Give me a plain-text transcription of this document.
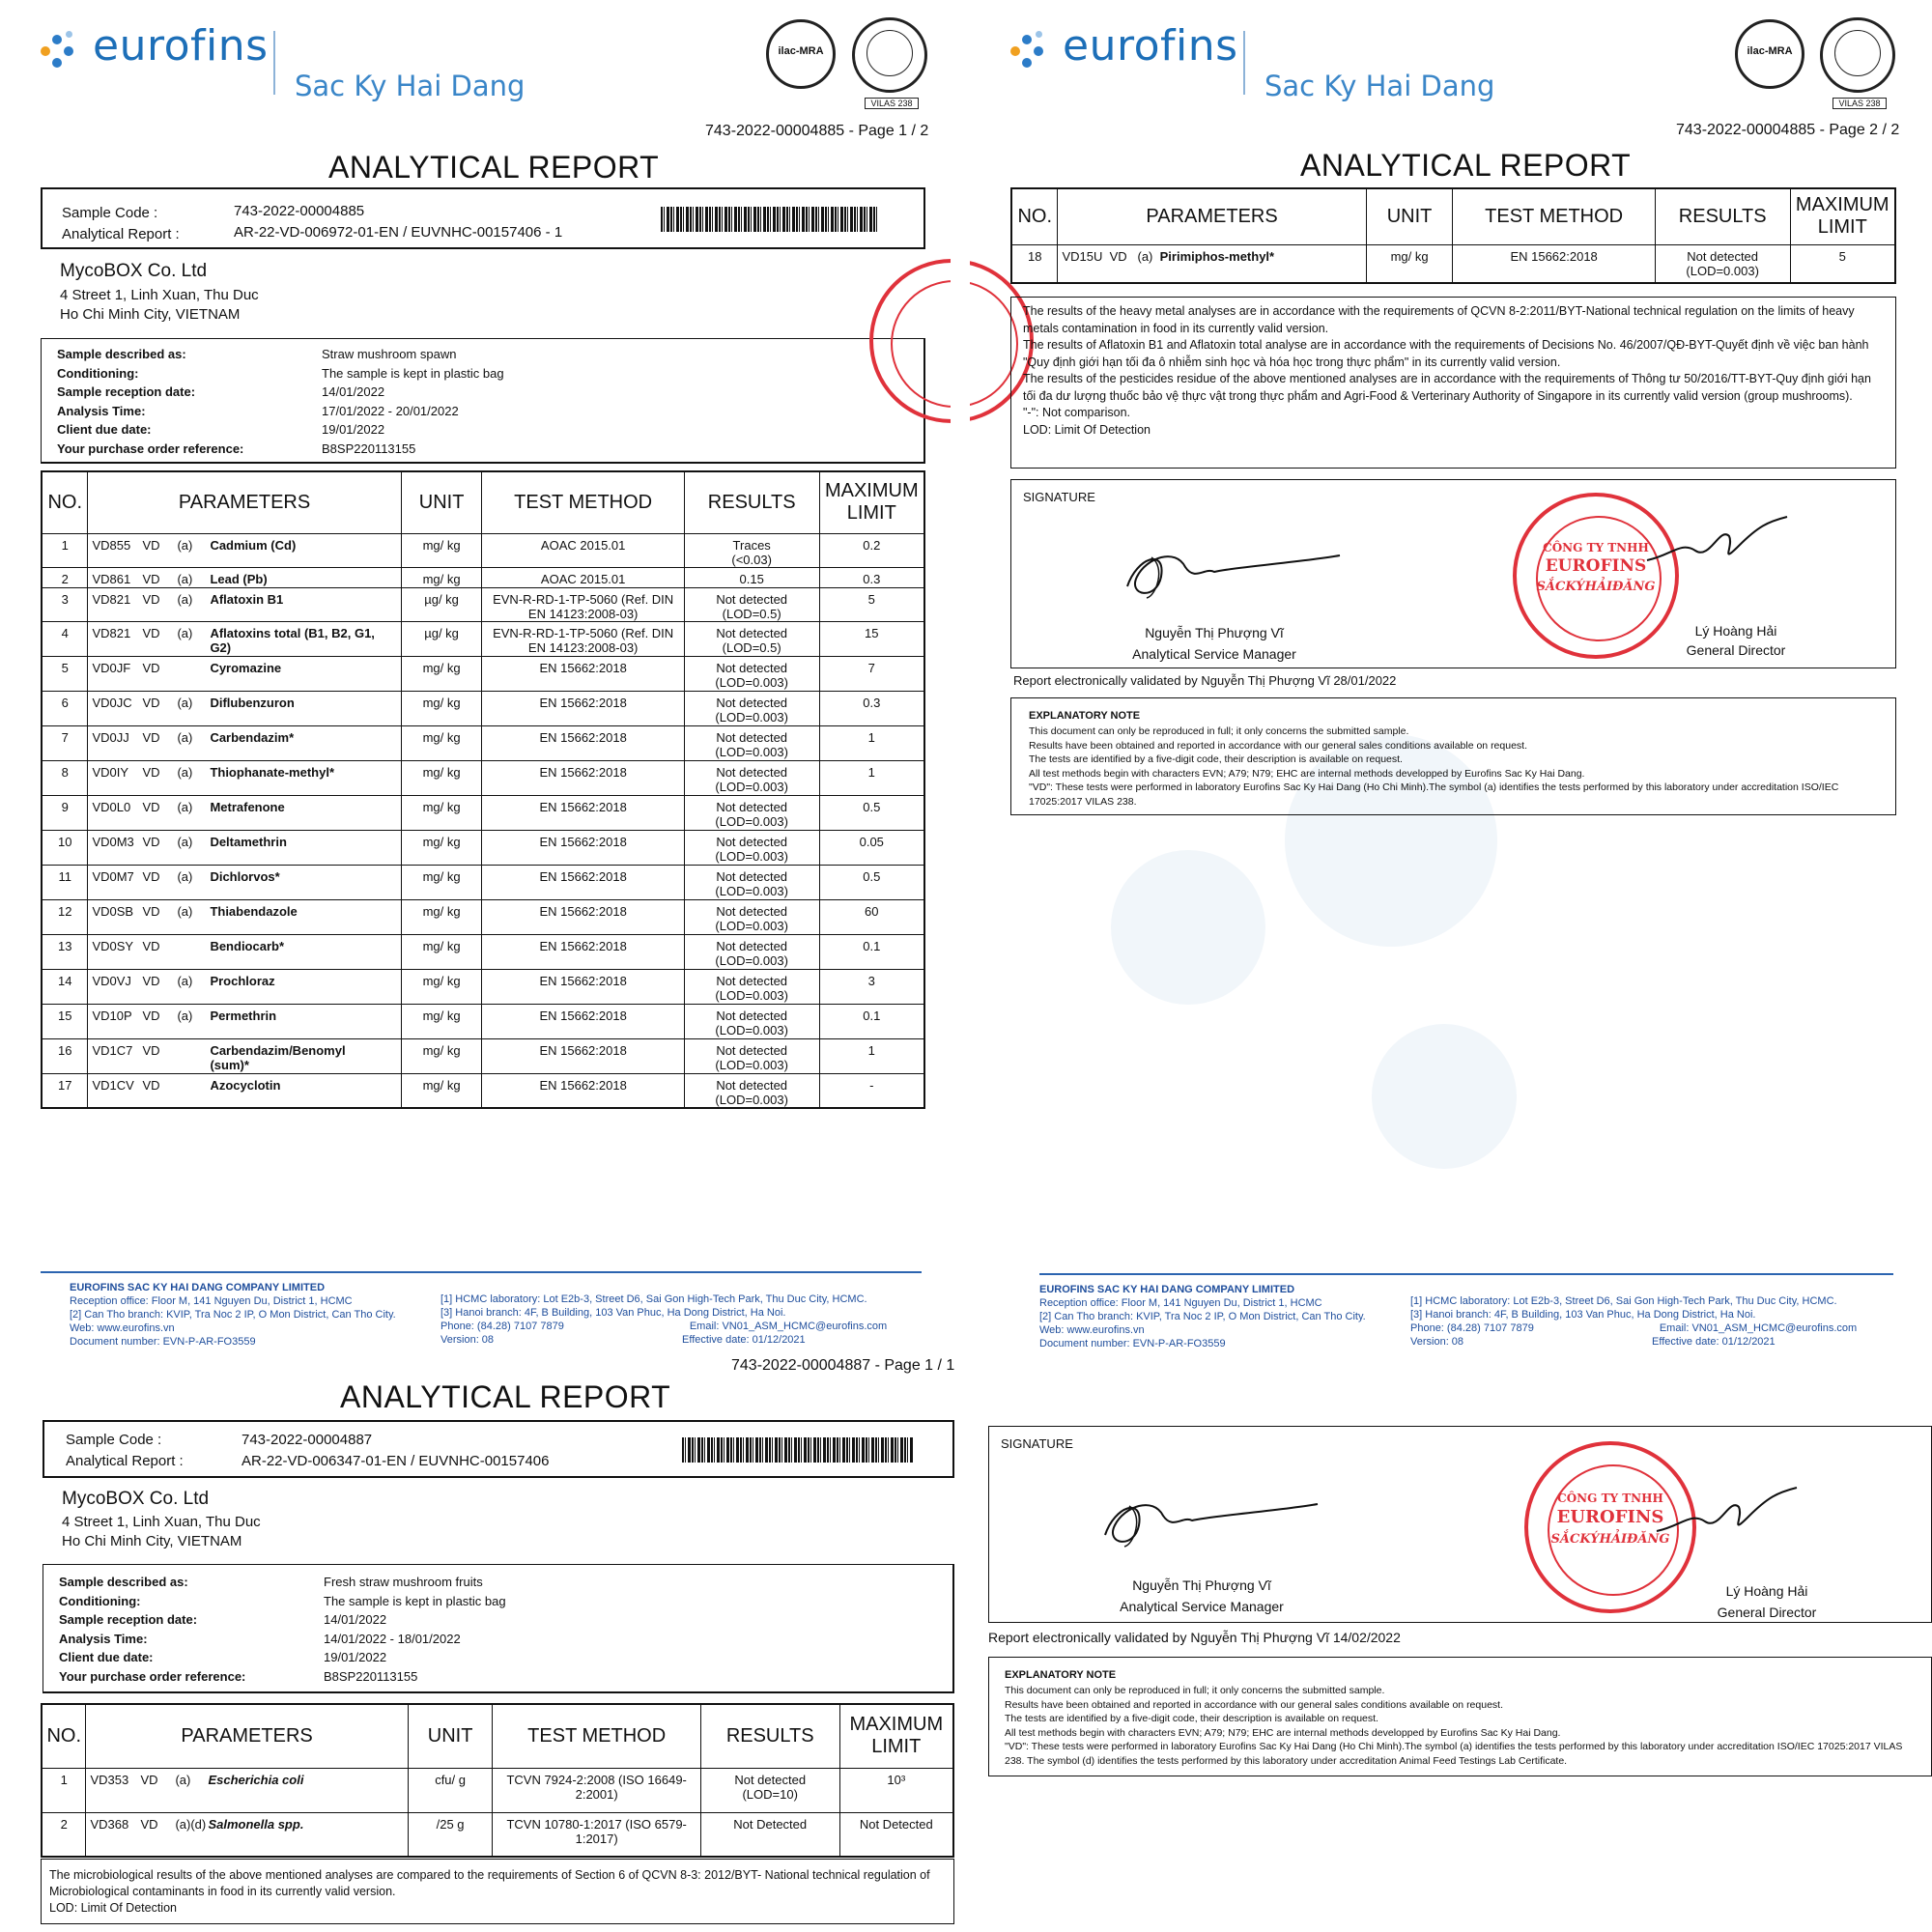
eurofins
Sac Ky Hai Dang
ilac-MRA
VILAS 238
743-2022-00004885 - Page 1 / 2
ANALYTICAL REPORT
Sample Code :	743-2022-00004885
Analytical Report :	AR-22-VD-006972-01-EN / EUVNHC-00157406 - 1
MycoBOX Co. Ltd
4 Street 1, Linh Xuan, Thu Duc
Ho Chi Minh City, VIETNAM
Sample described as:	Straw mushroom spawn
Conditioning:	The sample is kept in plastic bag
Sample reception date:	14/01/2022
Analysis Time:	17/01/2022 - 20/01/2022
Client due date:	19/01/2022
Your purchase order reference:	B8SP220113155
NO.	PARAMETERS	UNIT	TEST METHOD	RESULTS	MAXIMUM
LIMIT
1	VD855 VD (a) Cadmium (Cd)	mg/ kg	AOAC 2015.01	Traces
(<0.03)	0.2
2	VD861 VD (a) Lead (Pb)	mg/ kg	AOAC 2015.01	0.15	0.3
3	VD821 VD (a) Aflatoxin B1	µg/ kg	EVN-R-RD-1-TP-5060 (Ref. DIN EN 14123:2008-03)	Not detected
(LOD=0.5)	5
4	VD821 VD (a) Aflatoxins total (B1, B2, G1, G2)	µg/ kg	EVN-R-RD-1-TP-5060 (Ref. DIN EN 14123:2008-03)	Not detected
(LOD=0.5)	15
5	VD0JF VD Cyromazine	mg/ kg	EN 15662:2018	Not detected
(LOD=0.003)	7
6	VD0JC VD (a) Diflubenzuron	mg/ kg	EN 15662:2018	Not detected
(LOD=0.003)	0.3
7	VD0JJ VD (a) Carbendazim*	mg/ kg	EN 15662:2018	Not detected
(LOD=0.003)	1
8	VD0IY VD (a) Thiophanate-methyl*	mg/ kg	EN 15662:2018	Not detected
(LOD=0.003)	1
9	VD0L0 VD (a) Metrafenone	mg/ kg	EN 15662:2018	Not detected
(LOD=0.003)	0.5
10	VD0M3 VD (a) Deltamethrin	mg/ kg	EN 15662:2018	Not detected
(LOD=0.003)	0.05
11	VD0M7 VD (a) Dichlorvos*	mg/ kg	EN 15662:2018	Not detected
(LOD=0.003)	0.5
12	VD0SB VD (a) Thiabendazole	mg/ kg	EN 15662:2018	Not detected
(LOD=0.003)	60
13	VD0SY VD Bendiocarb*	mg/ kg	EN 15662:2018	Not detected
(LOD=0.003)	0.1
14	VD0VJ VD (a) Prochloraz	mg/ kg	EN 15662:2018	Not detected
(LOD=0.003)	3
15	VD10P VD (a) Permethrin	mg/ kg	EN 15662:2018	Not detected
(LOD=0.003)	0.1
16	VD1C7 VD Carbendazim/Benomyl (sum)*	mg/ kg	EN 15662:2018	Not detected
(LOD=0.003)	1
17	VD1CV VD Azocyclotin	mg/ kg	EN 15662:2018	Not detected
(LOD=0.003)	-
EUROFINS SAC KY HAI DANG COMPANY LIMITED
Reception office: Floor M, 141 Nguyen Du, District 1, HCMC
[2] Can Tho branch: KVIP, Tra Noc 2 IP, O Mon District, Can Tho City.
Web: www.eurofins.vn
Document number: EVN-P-AR-FO3559
[1] HCMC laboratory: Lot E2b-3, Street D6, Sai Gon High-Tech Park, Thu Duc City, HCMC.
[3] Hanoi branch: 4F, B Building, 103 Van Phuc, Ha Dong District, Ha Noi.
Phone: (84.28) 7107 7879	Email: VN01_ASM_HCMC@eurofins.com
Version: 08	Effective date: 01/12/2021
eurofins
Sac Ky Hai Dang
ilac-MRA
VILAS 238
743-2022-00004885 - Page 2 / 2
ANALYTICAL REPORT
NO.	PARAMETERS	UNIT	TEST METHOD	RESULTS	MAXIMUM
LIMIT
18	VD15U VD (a) Pirimiphos-methyl*	mg/ kg	EN 15662:2018	Not detected
(LOD=0.003)	5
The results of the heavy metal analyses are in accordance with the requirements of QCVN 8-2:2011/BYT-National technical regulation on the limits of heavy metals contamination in food in its currently valid version.
The results of Aflatoxin B1 and Aflatoxin total analyse are in accordance with the requirements of Decisions No. 46/2007/QĐ-BYT-Quyết định về việc ban hành "Quy định giới hạn tối đa ô nhiễm sinh học và hóa học trong thực phẩm" in its currently valid version.
The results of the pesticides residue of the above mentioned analyses are in accordance with the requirements of Thông tư 50/2016/TT-BYT-Quy định giới hạn tối đa dư lượng thuốc bảo vệ thực vật trong thực phẩm and Agri-Food & Verterinary Authority of Singapore in its currently valid version (group mushrooms).
"-": Not comparison.
LOD: Limit Of Detection
SIGNATURE
Nguyễn Thị Phượng Vĩ
Analytical Service Manager
Lý Hoàng Hải
General Director
CÔNG TY TNHH
EUROFINS
SẮCKÝHẢIĐĂNG
Report electronically validated by Nguyễn Thị Phượng Vĩ 28/01/2022
EXPLANATORY NOTE
This document can only be reproduced in full; it only concerns the submitted sample.
Results have been obtained and reported in accordance with our general sales conditions available on request.
The tests are identified by a five-digit code, their description is available on request.
All test methods begin with characters EVN; A79; N79; EHC are internal methods developped by Eurofins Sac Ky Hai Dang.
"VD": These tests were performed in laboratory Eurofins Sac Ky Hai Dang (Ho Chi Minh).The symbol (a) identifies the tests performed by this laboratory under accreditation ISO/IEC 17025:2017 VILAS 238.
EUROFINS SAC KY HAI DANG COMPANY LIMITED
Reception office: Floor M, 141 Nguyen Du, District 1, HCMC
[2] Can Tho branch: KVIP, Tra Noc 2 IP, O Mon District, Can Tho City.
Web: www.eurofins.vn
Document number: EVN-P-AR-FO3559
[1] HCMC laboratory: Lot E2b-3, Street D6, Sai Gon High-Tech Park, Thu Duc City, HCMC.
[3] Hanoi branch: 4F, B Building, 103 Van Phuc, Ha Dong District, Ha Noi.
Phone: (84.28) 7107 7879	Email: VN01_ASM_HCMC@eurofins.com
Version: 08	Effective date: 01/12/2021
743-2022-00004887 - Page 1 / 1
ANALYTICAL REPORT
Sample Code :	743-2022-00004887
Analytical Report :	AR-22-VD-006347-01-EN / EUVNHC-00157406
MycoBOX Co. Ltd
4 Street 1, Linh Xuan, Thu Duc
Ho Chi Minh City, VIETNAM
Sample described as:	Fresh straw mushroom fruits
Conditioning:	The sample is kept in plastic bag
Sample reception date:	14/01/2022
Analysis Time:	14/01/2022 - 18/01/2022
Client due date:	19/01/2022
Your purchase order reference:	B8SP220113155
NO.	PARAMETERS	UNIT	TEST METHOD	RESULTS	MAXIMUM
LIMIT
1	VD353 VD (a) Escherichia coli	cfu/ g	TCVN 7924-2:2008 (ISO 16649-2:2001)	Not detected
(LOD=10)	10³
2	VD368 VD (a)(d) Salmonella spp.	/25 g	TCVN 10780-1:2017 (ISO 6579-1:2017)	Not Detected	Not Detected
The microbiological results of the above mentioned analyses are compared to the requirements of Section 6 of QCVN 8-3: 2012/BYT- National technical regulation of Microbiological contaminants in food in its currently valid version.
LOD: Limit Of Detection
SIGNATURE
Nguyễn Thị Phượng Vĩ
Analytical Service Manager
Lý Hoàng Hải
General Director
CÔNG TY TNHH
EUROFINS
SẮCKÝHẢIĐĂNG
Report electronically validated by Nguyễn Thị Phượng Vĩ 14/02/2022
EXPLANATORY NOTE
This document can only be reproduced in full; it only concerns the submitted sample.
Results have been obtained and reported in accordance with our general sales conditions available on request.
The tests are identified by a five-digit code, their description is available on request.
All test methods begin with characters EVN; A79; N79; EHC are internal methods developped by Eurofins Sac Ky Hai Dang.
"VD": These tests were performed in laboratory Eurofins Sac Ky Hai Dang (Ho Chi Minh).The symbol (a) identifies the tests performed by this laboratory under accreditation ISO/IEC 17025:2017 VILAS 238. The symbol (d) identifies the tests performed by this laboratory under accreditation Animal Feed Testings Lab Certificate.
